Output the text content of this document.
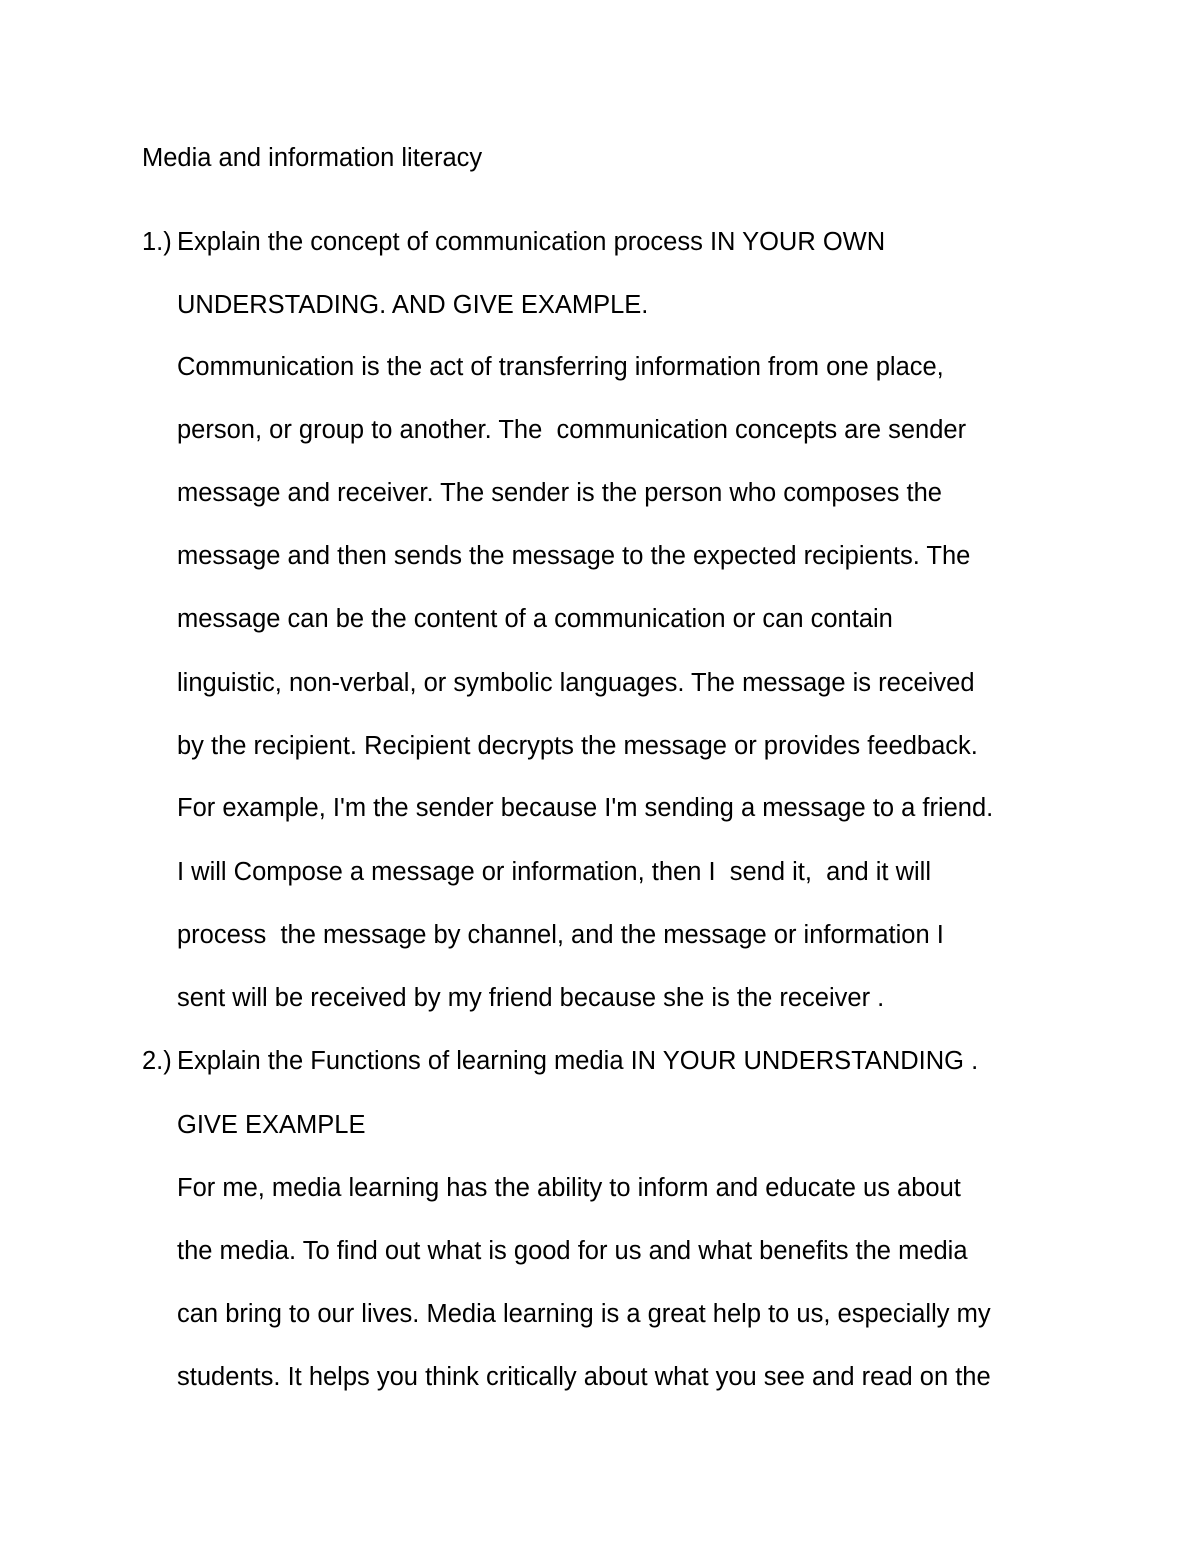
Media and information literacy

1.) Explain the concept of communication process IN YOUR OWN

UNDERSTADING. AND GIVE EXAMPLE.

Communication is the act of transferring information from one place,

person, or group to another. The  communication concepts are sender

message and receiver. The sender is the person who composes the

message and then sends the message to the expected recipients. The

message can be the content of a communication or can contain

linguistic, non-verbal, or symbolic languages. The message is received

by the recipient. Recipient decrypts the message or provides feedback.

For example, I'm the sender because I'm sending a message to a friend.

I will Compose a message or information, then I  send it,  and it will

process  the message by channel, and the message or information I

sent will be received by my friend because she is the receiver .

2.) Explain the Functions of learning media IN YOUR UNDERSTANDING .

GIVE EXAMPLE

For me, media learning has the ability to inform and educate us about

the media. To find out what is good for us and what benefits the media

can bring to our lives. Media learning is a great help to us, especially my

students. It helps you think critically about what you see and read on the
